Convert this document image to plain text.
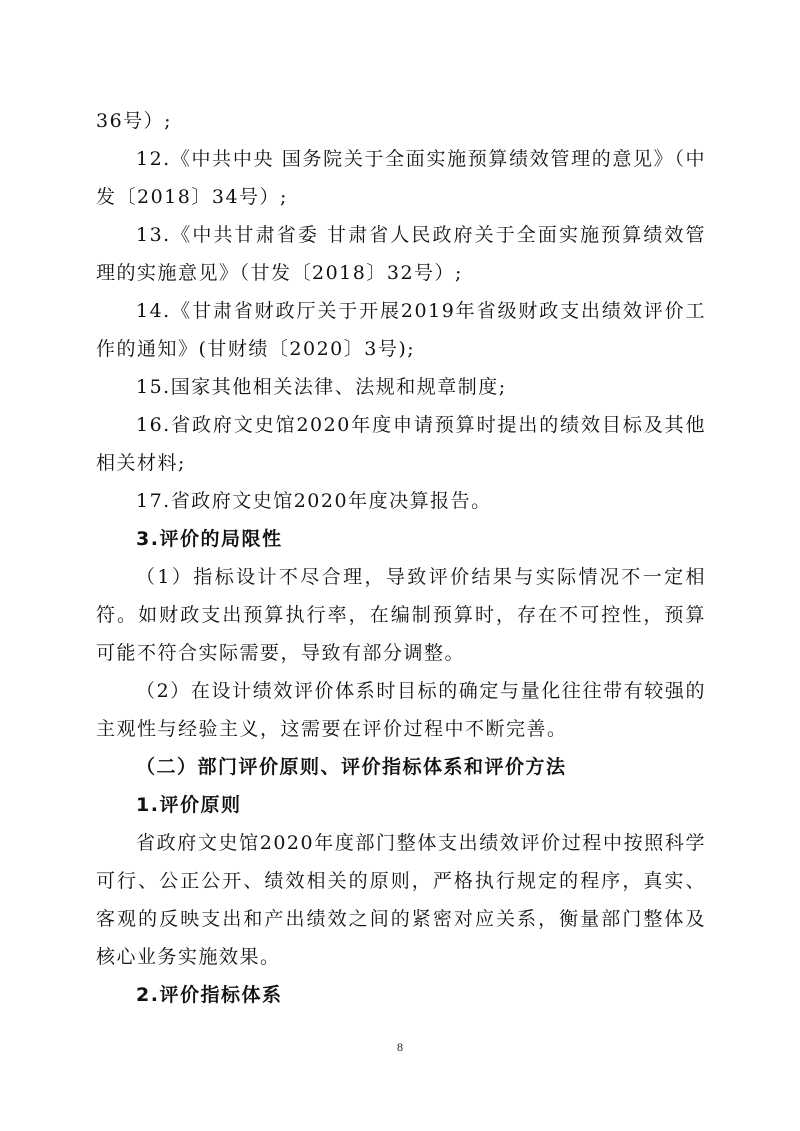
36号）;

12.《中共中央 国务院关于全面实施预算绩效管理的意见》（中发〔2018〕34号）;

13.《中共甘肃省委 甘肃省人民政府关于全面实施预算绩效管理的实施意见》（甘发〔2018〕32号）;

14.《甘肃省财政厅关于开展2019年省级财政支出绩效评价工作的通知》(甘财绩〔2020〕3号);

15.国家其他相关法律、法规和规章制度;

16.省政府文史馆2020年度申请预算时提出的绩效目标及其他相关材料;

17.省政府文史馆2020年度决算报告。

3.评价的局限性

（1）指标设计不尽合理，导致评价结果与实际情况不一定相符。如财政支出预算执行率，在编制预算时，存在不可控性，预算可能不符合实际需要，导致有部分调整。

（2）在设计绩效评价体系时目标的确定与量化往往带有较强的主观性与经验主义，这需要在评价过程中不断完善。

（二）部门评价原则、评价指标体系和评价方法

1.评价原则

省政府文史馆2020年度部门整体支出绩效评价过程中按照科学可行、公正公开、绩效相关的原则，严格执行规定的程序，真实、客观的反映支出和产出绩效之间的紧密对应关系，衡量部门整体及核心业务实施效果。

2.评价指标体系

8
